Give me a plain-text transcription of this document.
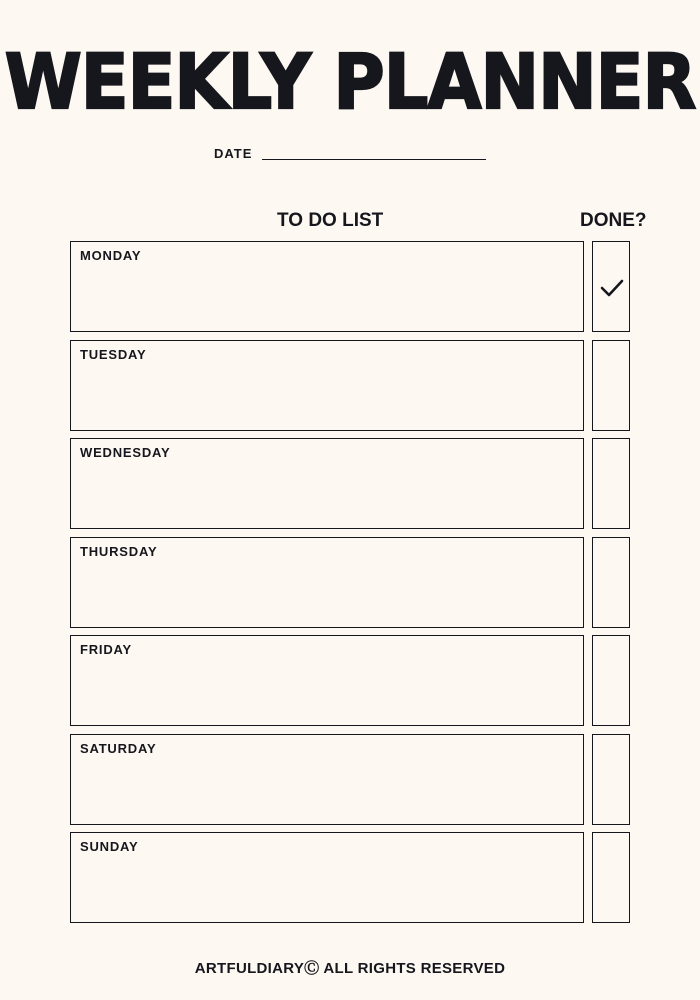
WEEKLY PLANNER
DATE
TO DO LIST	DONE?
MONDAY
TUESDAY
WEDNESDAY
THURSDAY
FRIDAY
SATURDAY
SUNDAY
ARTFULDIARYⒸ ALL RIGHTS RESERVED
